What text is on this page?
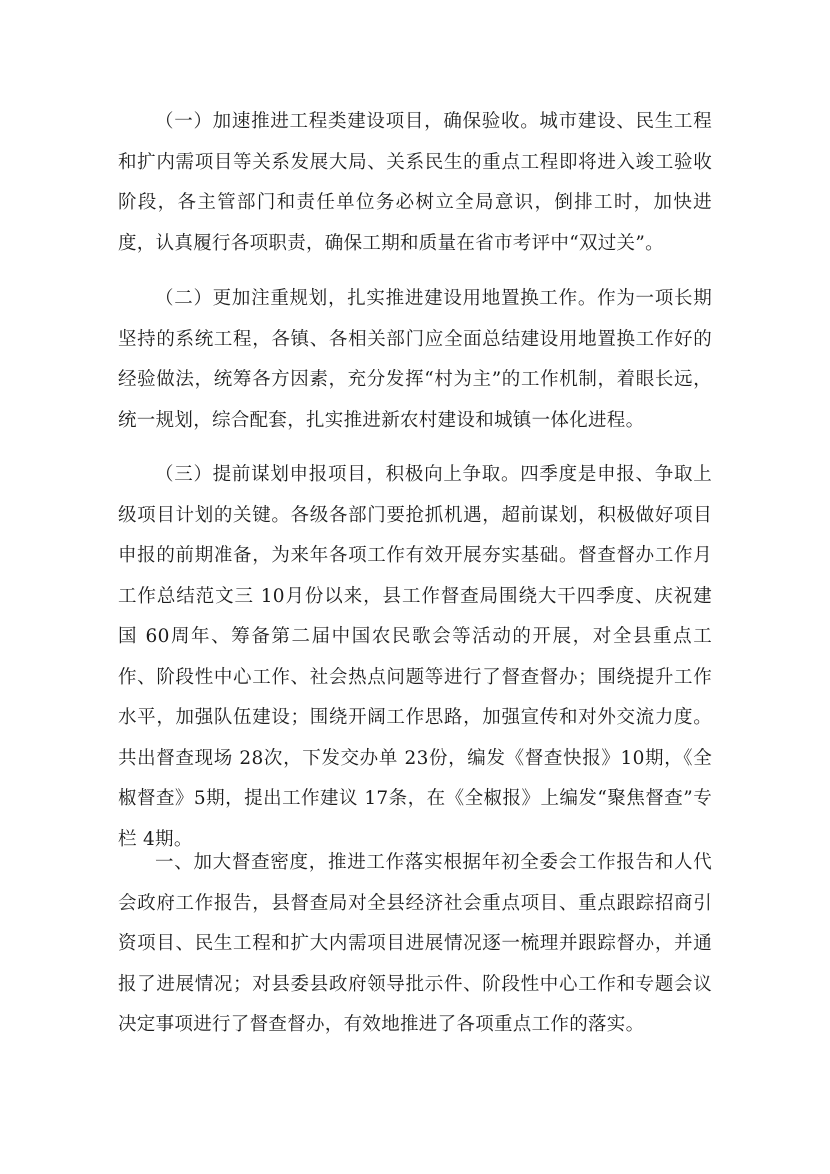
（一）加速推进工程类建设项目，确保验收。城市建设、民生工程和扩内需项目等关系发展大局、关系民生的重点工程即将进入竣工验收阶段，各主管部门和责任单位务必树立全局意识，倒排工时，加快进度，认真履行各项职责，确保工期和质量在省市考评中“双过关”。

（二）更加注重规划，扎实推进建设用地置换工作。作为一项长期坚持的系统工程，各镇、各相关部门应全面总结建设用地置换工作好的经验做法，统筹各方因素，充分发挥“村为主”的工作机制，着眼长远，统一规划，综合配套，扎实推进新农村建设和城镇一体化进程。

（三）提前谋划申报项目，积极向上争取。四季度是申报、争取上级项目计划的关键。各级各部门要抢抓机遇，超前谋划，积极做好项目申报的前期准备，为来年各项工作有效开展夯实基础。督查督办工作月工作总结范文三 10月份以来，县工作督查局围绕大干四季度、庆祝建国 60周年、筹备第二届中国农民歌会等活动的开展，对全县重点工作、阶段性中心工作、社会热点问题等进行了督查督办；围绕提升工作水平，加强队伍建设；围绕开阔工作思路，加强宣传和对外交流力度。共出督查现场 28次，下发交办单 23份，编发《督查快报》10期，《全椒督查》5期，提出工作建议 17条，在《全椒报》上编发“聚焦督查”专栏 4期。

一、加大督查密度，推进工作落实根据年初全委会工作报告和人代会政府工作报告，县督查局对全县经济社会重点项目、重点跟踪招商引资项目、民生工程和扩大内需项目进展情况逐一梳理并跟踪督办，并通报了进展情况；对县委县政府领导批示件、阶段性中心工作和专题会议决定事项进行了督查督办，有效地推进了各项重点工作的落实。
